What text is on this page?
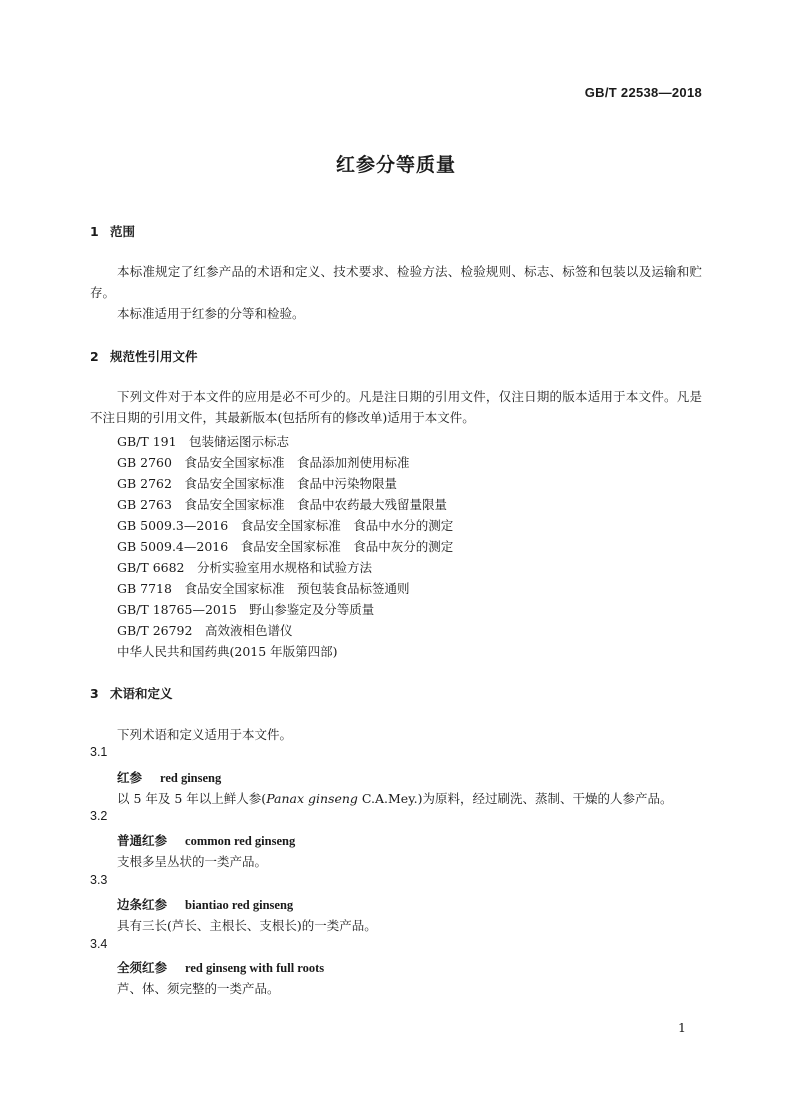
GB/T 22538—2018
红参分等质量
1 范围
本标准规定了红参产品的术语和定义、技术要求、检验方法、检验规则、标志、标签和包装以及运输和贮存。
本标准适用于红参的分等和检验。
2 规范性引用文件
下列文件对于本文件的应用是必不可少的。凡是注日期的引用文件，仅注日期的版本适用于本文件。凡是不注日期的引用文件，其最新版本(包括所有的修改单)适用于本文件。
GB/T 191　包装储运图示标志
GB 2760　食品安全国家标准　食品添加剂使用标准
GB 2762　食品安全国家标准　食品中污染物限量
GB 2763　食品安全国家标准　食品中农药最大残留量限量
GB 5009.3—2016　食品安全国家标准　食品中水分的测定
GB 5009.4—2016　食品安全国家标准　食品中灰分的测定
GB/T 6682　分析实验室用水规格和试验方法
GB 7718　食品安全国家标准　预包装食品标签通则
GB/T 18765—2015　野山参鉴定及分等质量
GB/T 26792　高效液相色谱仪
中华人民共和国药典(2015 年版第四部)
3 术语和定义
下列术语和定义适用于本文件。
3.1
红参 red ginseng
以 5 年及 5 年以上鲜人参(Panax ginseng C.A.Mey.)为原料，经过刷洗、蒸制、干燥的人参产品。
3.2
普通红参 common red ginseng
支根多呈丛状的一类产品。
3.3
边条红参 biantiao red ginseng
具有三长(芦长、主根长、支根长)的一类产品。
3.4
全须红参 red ginseng with full roots
芦、体、须完整的一类产品。
1
